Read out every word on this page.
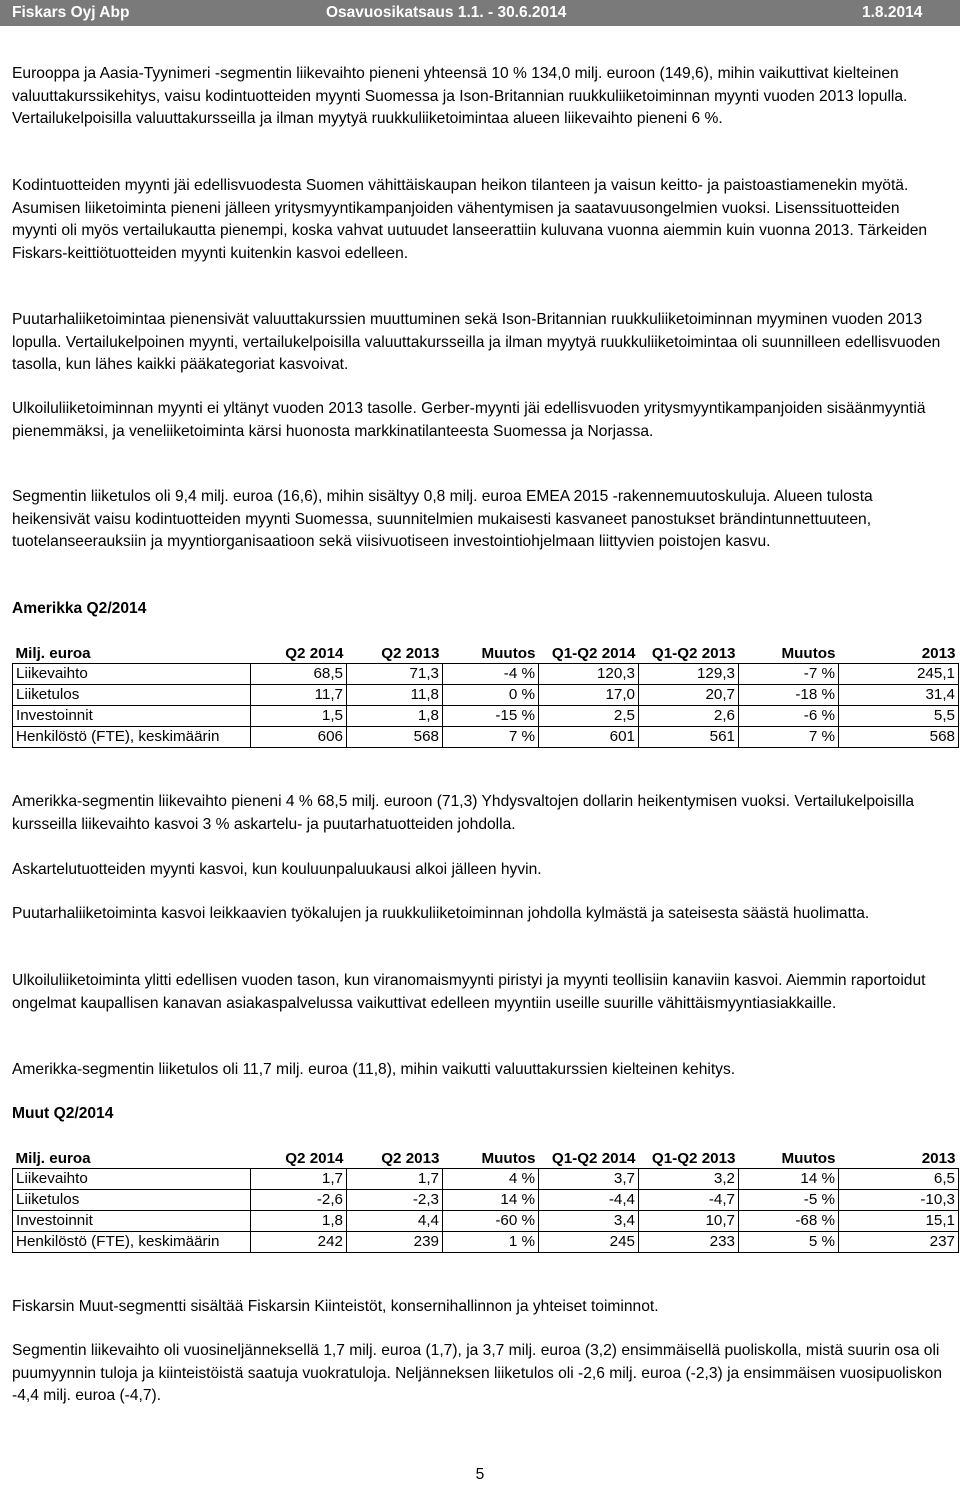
Fiskars Oyj Abp	Osavuosikatsaus 1.1. - 30.6.2014	1.8.2014

Eurooppa ja Aasia-Tyynimeri -segmentin liikevaihto pieneni yhteensä 10 % 134,0 milj. euroon (149,6), mihin vaikuttivat kielteinen valuuttakurssikehitys, vaisu kodintuotteiden myynti Suomessa ja Ison-Britannian ruukkuliiketoiminnan myynti vuoden 2013 lopulla. Vertailukelpoisilla valuuttakursseilla ja ilman myytyä ruukkuliiketoimintaa alueen liikevaihto pieneni 6 %.

Kodintuotteiden myynti jäi edellisvuodesta Suomen vähittäiskaupan heikon tilanteen ja vaisun keitto- ja paistoastiamenekin myötä. Asumisen liiketoiminta pieneni jälleen yritysmyyntikampanjoiden vähentymisen ja saatavuusongelmien vuoksi. Lisenssituotteiden myynti oli myös vertailukautta pienempi, koska vahvat uutuudet lanseerattiin kuluvana vuonna aiemmin kuin vuonna 2013. Tärkeiden Fiskars-keittiötuotteiden myynti kuitenkin kasvoi edelleen.

Puutarhaliiketoimintaa pienensivät valuuttakurssien muuttuminen sekä Ison-Britannian ruukkuliiketoiminnan myyminen vuoden 2013 lopulla. Vertailukelpoinen myynti, vertailukelpoisilla valuuttakursseilla ja ilman myytyä ruukkuliiketoimintaa oli suunnilleen edellisvuoden tasolla, kun lähes kaikki pääkategoriat kasvoivat.

Ulkoiluliiketoiminnan myynti ei yltänyt vuoden 2013 tasolle. Gerber-myynti jäi edellisvuoden yritysmyyntikampanjoiden sisäänmyyntiä pienemmäksi, ja veneliiketoiminta kärsi huonosta markkinatilanteesta Suomessa ja Norjassa.

Segmentin liiketulos oli 9,4 milj. euroa (16,6), mihin sisältyy 0,8 milj. euroa EMEA 2015 -rakennemuutoskuluja. Alueen tulosta heikensivät vaisu kodintuotteiden myynti Suomessa, suunnitelmien mukaisesti kasvaneet panostukset brändintunnettuuteen, tuotelanseerauksiin ja myyntiorganisaatioon sekä viisivuotiseen investointiohjelmaan liittyvien poistojen kasvu.

Amerikka Q2/2014
Milj. euroa	Q2 2014	Q2 2013	Muutos	Q1-Q2 2014	Q1-Q2 2013	Muutos	2013
Liikevaihto	68,5	71,3	-4 %	120,3	129,3	-7 %	245,1
Liiketulos	11,7	11,8	0 %	17,0	20,7	-18 %	31,4
Investoinnit	1,5	1,8	-15 %	2,5	2,6	-6 %	5,5
Henkilöstö (FTE), keskimäärin	606	568	7 %	601	561	7 %	568

Amerikka-segmentin liikevaihto pieneni 4 % 68,5 milj. euroon (71,3) Yhdysvaltojen dollarin heikentymisen vuoksi. Vertailukelpoisilla kursseilla liikevaihto kasvoi 3 % askartelu- ja puutarhatuotteiden johdolla.

Askartelutuotteiden myynti kasvoi, kun kouluunpaluukausi alkoi jälleen hyvin.

Puutarhaliiketoiminta kasvoi leikkaavien työkalujen ja ruukkuliiketoiminnan johdolla kylmästä ja sateisesta säästä huolimatta.

Ulkoiluliiketoiminta ylitti edellisen vuoden tason, kun viranomaismyynti piristyi ja myynti teollisiin kanaviin kasvoi. Aiemmin raportoidut ongelmat kaupallisen kanavan asiakaspalvelussa vaikuttivat edelleen myyntiin useille suurille vähittäismyyntiasiakkaille.

Amerikka-segmentin liiketulos oli 11,7 milj. euroa (11,8), mihin vaikutti valuuttakurssien kielteinen kehitys.

Muut Q2/2014
Milj. euroa	Q2 2014	Q2 2013	Muutos	Q1-Q2 2014	Q1-Q2 2013	Muutos	2013
Liikevaihto	1,7	1,7	4 %	3,7	3,2	14 %	6,5
Liiketulos	-2,6	-2,3	14 %	-4,4	-4,7	-5 %	-10,3
Investoinnit	1,8	4,4	-60 %	3,4	10,7	-68 %	15,1
Henkilöstö (FTE), keskimäärin	242	239	1 %	245	233	5 %	237

Fiskarsin Muut-segmentti sisältää Fiskarsin Kiinteistöt, konsernihallinnon ja yhteiset toiminnot.

Segmentin liikevaihto oli vuosineljänneksellä 1,7 milj. euroa (1,7), ja 3,7 milj. euroa (3,2) ensimmäisellä puoliskolla, mistä suurin osa oli puumyynnin tuloja ja kiinteistöistä saatuja vuokratuloja. Neljänneksen liiketulos oli -2,6 milj. euroa (-2,3) ja ensimmäisen vuosipuoliskon -4,4 milj. euroa (-4,7).

5
